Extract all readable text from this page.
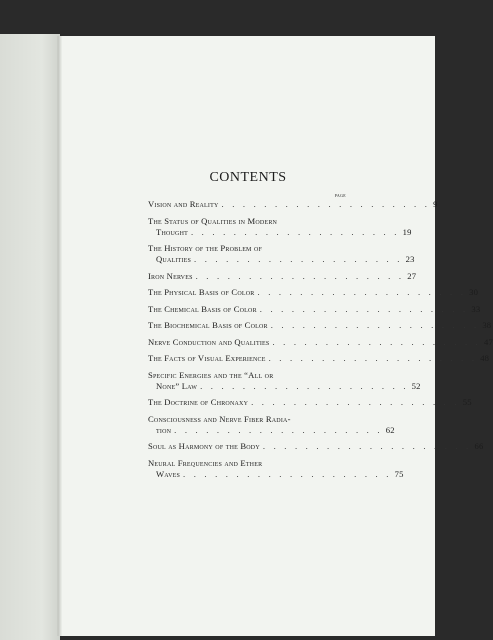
CONTENTS
PAGE
Vision and Reality . . . . . . . . . . . . . . . . . . . . 9
The Status of Qualities in Modern
Thought . . . . . . . . . . . . . . . . . . . . 19
The History of the Problem of
Qualities . . . . . . . . . . . . . . . . . . . . 23
Iron Nerves . . . . . . . . . . . . . . . . . . . . 27
The Physical Basis of Color . . . . . . . . . . . . . . . . . . . . 30
The Chemical Basis of Color . . . . . . . . . . . . . . . . . . . . 33
The Biochemical Basis of Color . . . . . . . . . . . . . . . . . . . . 38
Nerve Conduction and Qualities . . . . . . . . . . . . . . . . . . . . 47
The Facts of Visual Experience . . . . . . . . . . . . . . . . . . . . 48
Specific Energies and the “All or
None” Law . . . . . . . . . . . . . . . . . . . . 52
The Doctrine of Chronaxy . . . . . . . . . . . . . . . . . . . . 55
Consciousness and Nerve Fiber Radia-
tion . . . . . . . . . . . . . . . . . . . . 62
Soul as Harmony of the Body . . . . . . . . . . . . . . . . . . . . 66
Neural Frequencies and Ether
Waves . . . . . . . . . . . . . . . . . . . . 75
